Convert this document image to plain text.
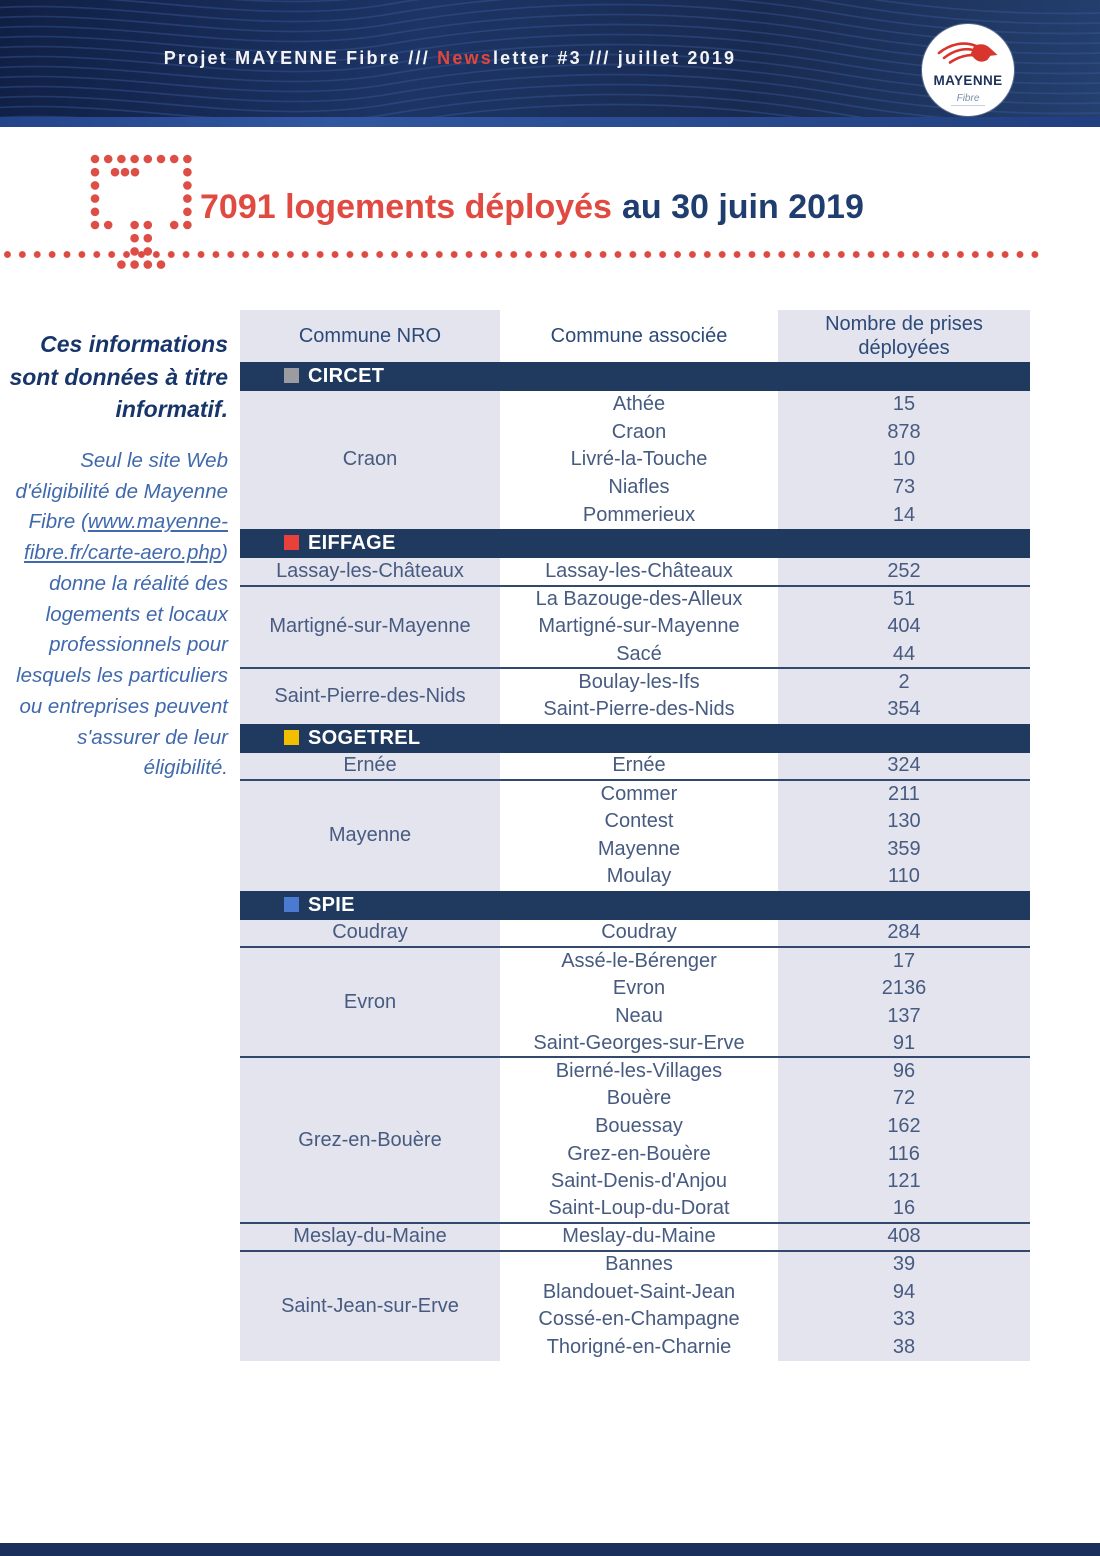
Projet MAYENNE Fibre /// News letter #3 /// juillet 2019
MAYENNE
Fibre
7091 logements déployés au 30 juin 2019

Ces informations sont données à titre informatif.

Seul le site Web d'éligibilité de Mayenne Fibre (www.mayenne-fibre.fr/carte-aero.php) donne la réalité des logements et locaux professionnels pour lesquels les particuliers ou entreprises peuvent s'assurer de leur éligibilité.

Commune NRO	Commune associée	Nombre de prises déployées
CIRCET		
Craon	Athée	15
	Craon	878
	Livré-la-Touche	10
	Niafles	73
	Pommerieux	14
EIFFAGE		
Lassay-les-Châteaux	Lassay-les-Châteaux	252
Martigné-sur-Mayenne	La Bazouge-des-Alleux	51
	Martigné-sur-Mayenne	404
	Sacé	44
Saint-Pierre-des-Nids	Boulay-les-Ifs	2
	Saint-Pierre-des-Nids	354
SOGETREL		
Ernée	Ernée	324
Mayenne	Commer	211
	Contest	130
	Mayenne	359
	Moulay	110
SPIE		
Coudray	Coudray	284
Evron	Assé-le-Bérenger	17
	Evron	2136
	Neau	137
	Saint-Georges-sur-Erve	91
Grez-en-Bouère	Bierné-les-Villages	96
	Bouère	72
	Bouessay	162
	Grez-en-Bouère	116
	Saint-Denis-d'Anjou	121
	Saint-Loup-du-Dorat	16
Meslay-du-Maine	Meslay-du-Maine	408
Saint-Jean-sur-Erve	Bannes	39
	Blandouet-Saint-Jean	94
	Cossé-en-Champagne	33
	Thorigné-en-Charnie	38
